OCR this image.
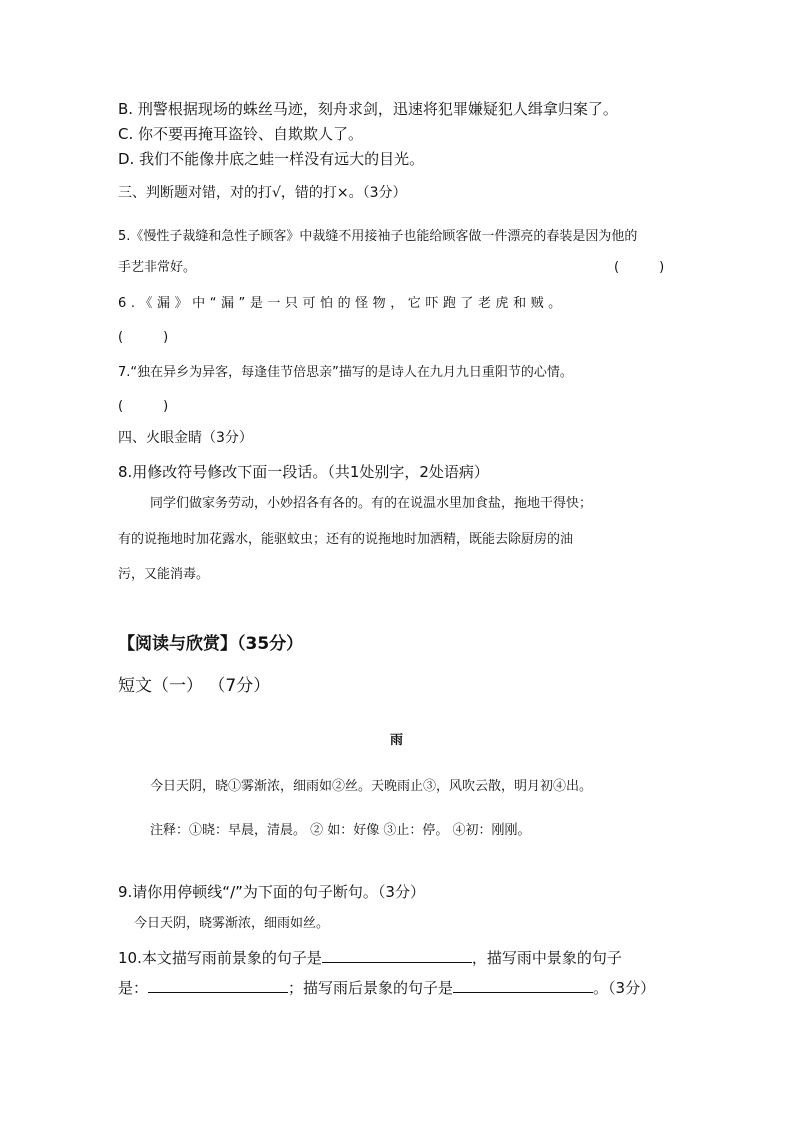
B. 刑警根据现场的蛛丝马迹，刻舟求剑，迅速将犯罪嫌疑犯人缉拿归案了。
C. 你不要再掩耳盗铃、自欺欺人了。
D. 我们不能像井底之蛙一样没有远大的目光。
三、判断题对错，对的打√，错的打×。（3分）
5.《慢性子裁缝和急性子顾客》中裁缝不用接袖子也能给顾客做一件漂亮的春装是因为他的
手艺非常好。	(	)
6.《漏》中“漏”是一只可怕的怪物，它吓跑了老虎和贼。
(	)
7.“独在异乡为异客，每逢佳节倍思亲”描写的是诗人在九月九日重阳节的心情。
(	)
四、火眼金睛（3分）
8.用修改符号修改下面一段话。（共1处别字，2处语病）
同学们做家务劳动，小妙招各有各的。有的在说温水里加食盐，拖地干得快；
有的说拖地时加花露水，能驱蚊虫；还有的说拖地时加洒精，既能去除厨房的油
污，又能消毒。
【阅读与欣赏】（35分）
短文（一） （7分）
雨
今日天阴，晓①雾渐浓，细雨如②丝。天晚雨止③，风吹云散，明月初④出。
注释：①晓：早晨，清晨。 ② 如：好像 ③止：停。 ④初：刚刚。
9.请你用停顿线“/”为下面的句子断句。（3分）
今日天阴，晓雾渐浓，细雨如丝。
10.本文描写雨前景象的句子是	，描写雨中景象的句子
是：	；描写雨后景象的句子是	。（3分）
